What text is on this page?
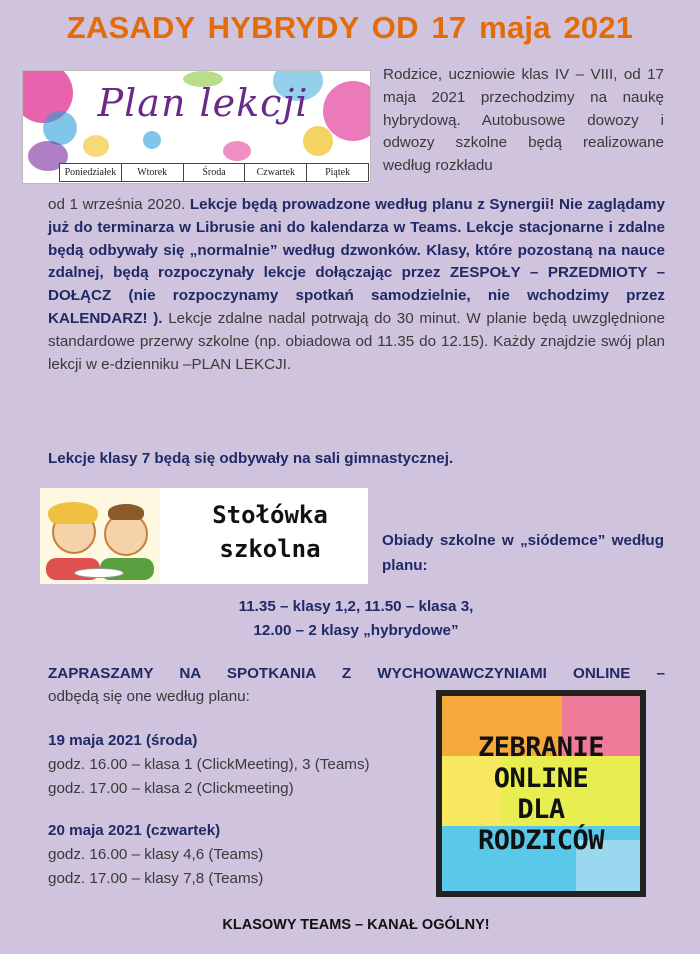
ZASADY HYBRYDY OD 17 maja 2021
Plan lekcji
Poniedziałek	Wtorek	Środa	Czwartek	Piątek
Rodzice, uczniowie klas IV – VIII, od 17 maja 2021 przechodzimy na naukę hybrydową. Autobusowe dowozy i odwozy szkolne będą realizowane według rozkładu
od 1 września 2020. Lekcje będą prowadzone według planu z Synergii! Nie zaglądamy już do terminarza w Librusie ani do kalendarza w Teams. Lekcje stacjonarne i zdalne będą odbywały się „normalnie” według dzwonków. Klasy, które pozostaną na nauce zdalnej, będą rozpoczynały lekcje dołączając przez ZESPOŁY – PRZEDMIOTY – DOŁĄCZ (nie rozpoczynamy spotkań samodzielnie, nie wchodzimy przez KALENDARZ! ). Lekcje zdalne nadal potrwają do 30 minut. W planie będą uwzględnione standardowe przerwy szkolne (np. obiadowa od 11.35 do 12.15). Każdy znajdzie swój plan lekcji w e-dzienniku –PLAN LEKCJI.
Lekcje klasy 7 będą się odbywały na sali gimnastycznej.
Stołówka
szkolna	Obiady szkolne w „siódemce” według planu:
11.35 – klasy 1,2, 11.50 – klasa 3,
12.00 – 2 klasy „hybrydowe”
ZAPRASZAMY NA SPOTKANIA Z WYCHOWAWCZYNIAMI ONLINE –
odbędą się one według planu:
19 maja 2021 (środa)
godz. 16.00 – klasa 1 (ClickMeeting), 3 (Teams)
godz. 17.00 – klasa 2 (Clickmeeting)
20 maja 2021 (czwartek)
godz. 16.00 – klasy 4,6 (Teams)
godz. 17.00 – klasy 7,8 (Teams)
ZEBRANIE
ONLINE
DLA
RODZICÓW
KLASOWY TEAMS – KANAŁ OGÓLNY!
